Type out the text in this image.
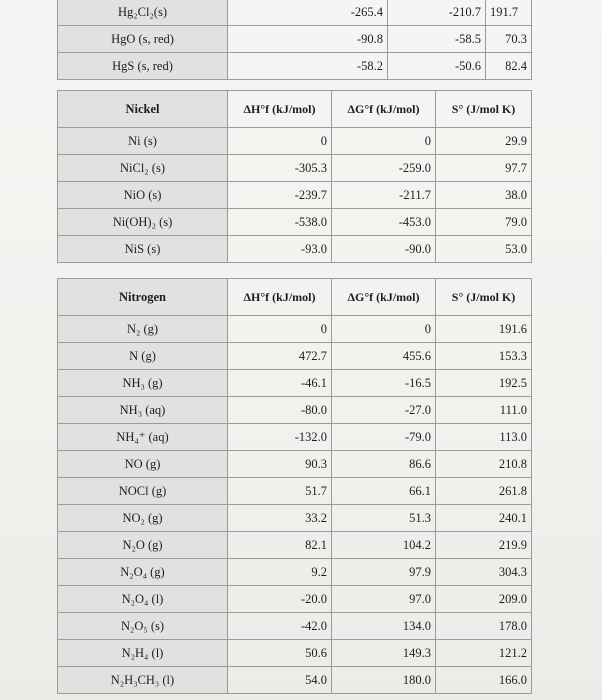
Hg₂Cl₂(s)	-265.4	-210.7	191.7
HgO (s, red)	-90.8	-58.5	70.3
HgS (s, red)	-58.2	-50.6	82.4
Nickel	ΔH°f (kJ/mol)	ΔG°f (kJ/mol)	S° (J/mol K)
Ni (s)	0	0	29.9
NiCl₂ (s)	-305.3	-259.0	97.7
NiO (s)	-239.7	-211.7	38.0
Ni(OH)₂ (s)	-538.0	-453.0	79.0
NiS (s)	-93.0	-90.0	53.0
Nitrogen	ΔH°f (kJ/mol)	ΔG°f (kJ/mol)	S° (J/mol K)
N₂ (g)	0	0	191.6
N (g)	472.7	455.6	153.3
NH₃ (g)	-46.1	-16.5	192.5
NH₃ (aq)	-80.0	-27.0	111.0
NH₄⁺ (aq)	-132.0	-79.0	113.0
NO (g)	90.3	86.6	210.8
NOCl (g)	51.7	66.1	261.8
NO₂ (g)	33.2	51.3	240.1
N₂O (g)	82.1	104.2	219.9
N₂O₄ (g)	9.2	97.9	304.3
N₂O₄ (l)	-20.0	97.0	209.0
N₂O₅ (s)	-42.0	134.0	178.0
N₂H₄ (l)	50.6	149.3	121.2
N₂H₃CH₃ (l)	54.0	180.0	166.0
